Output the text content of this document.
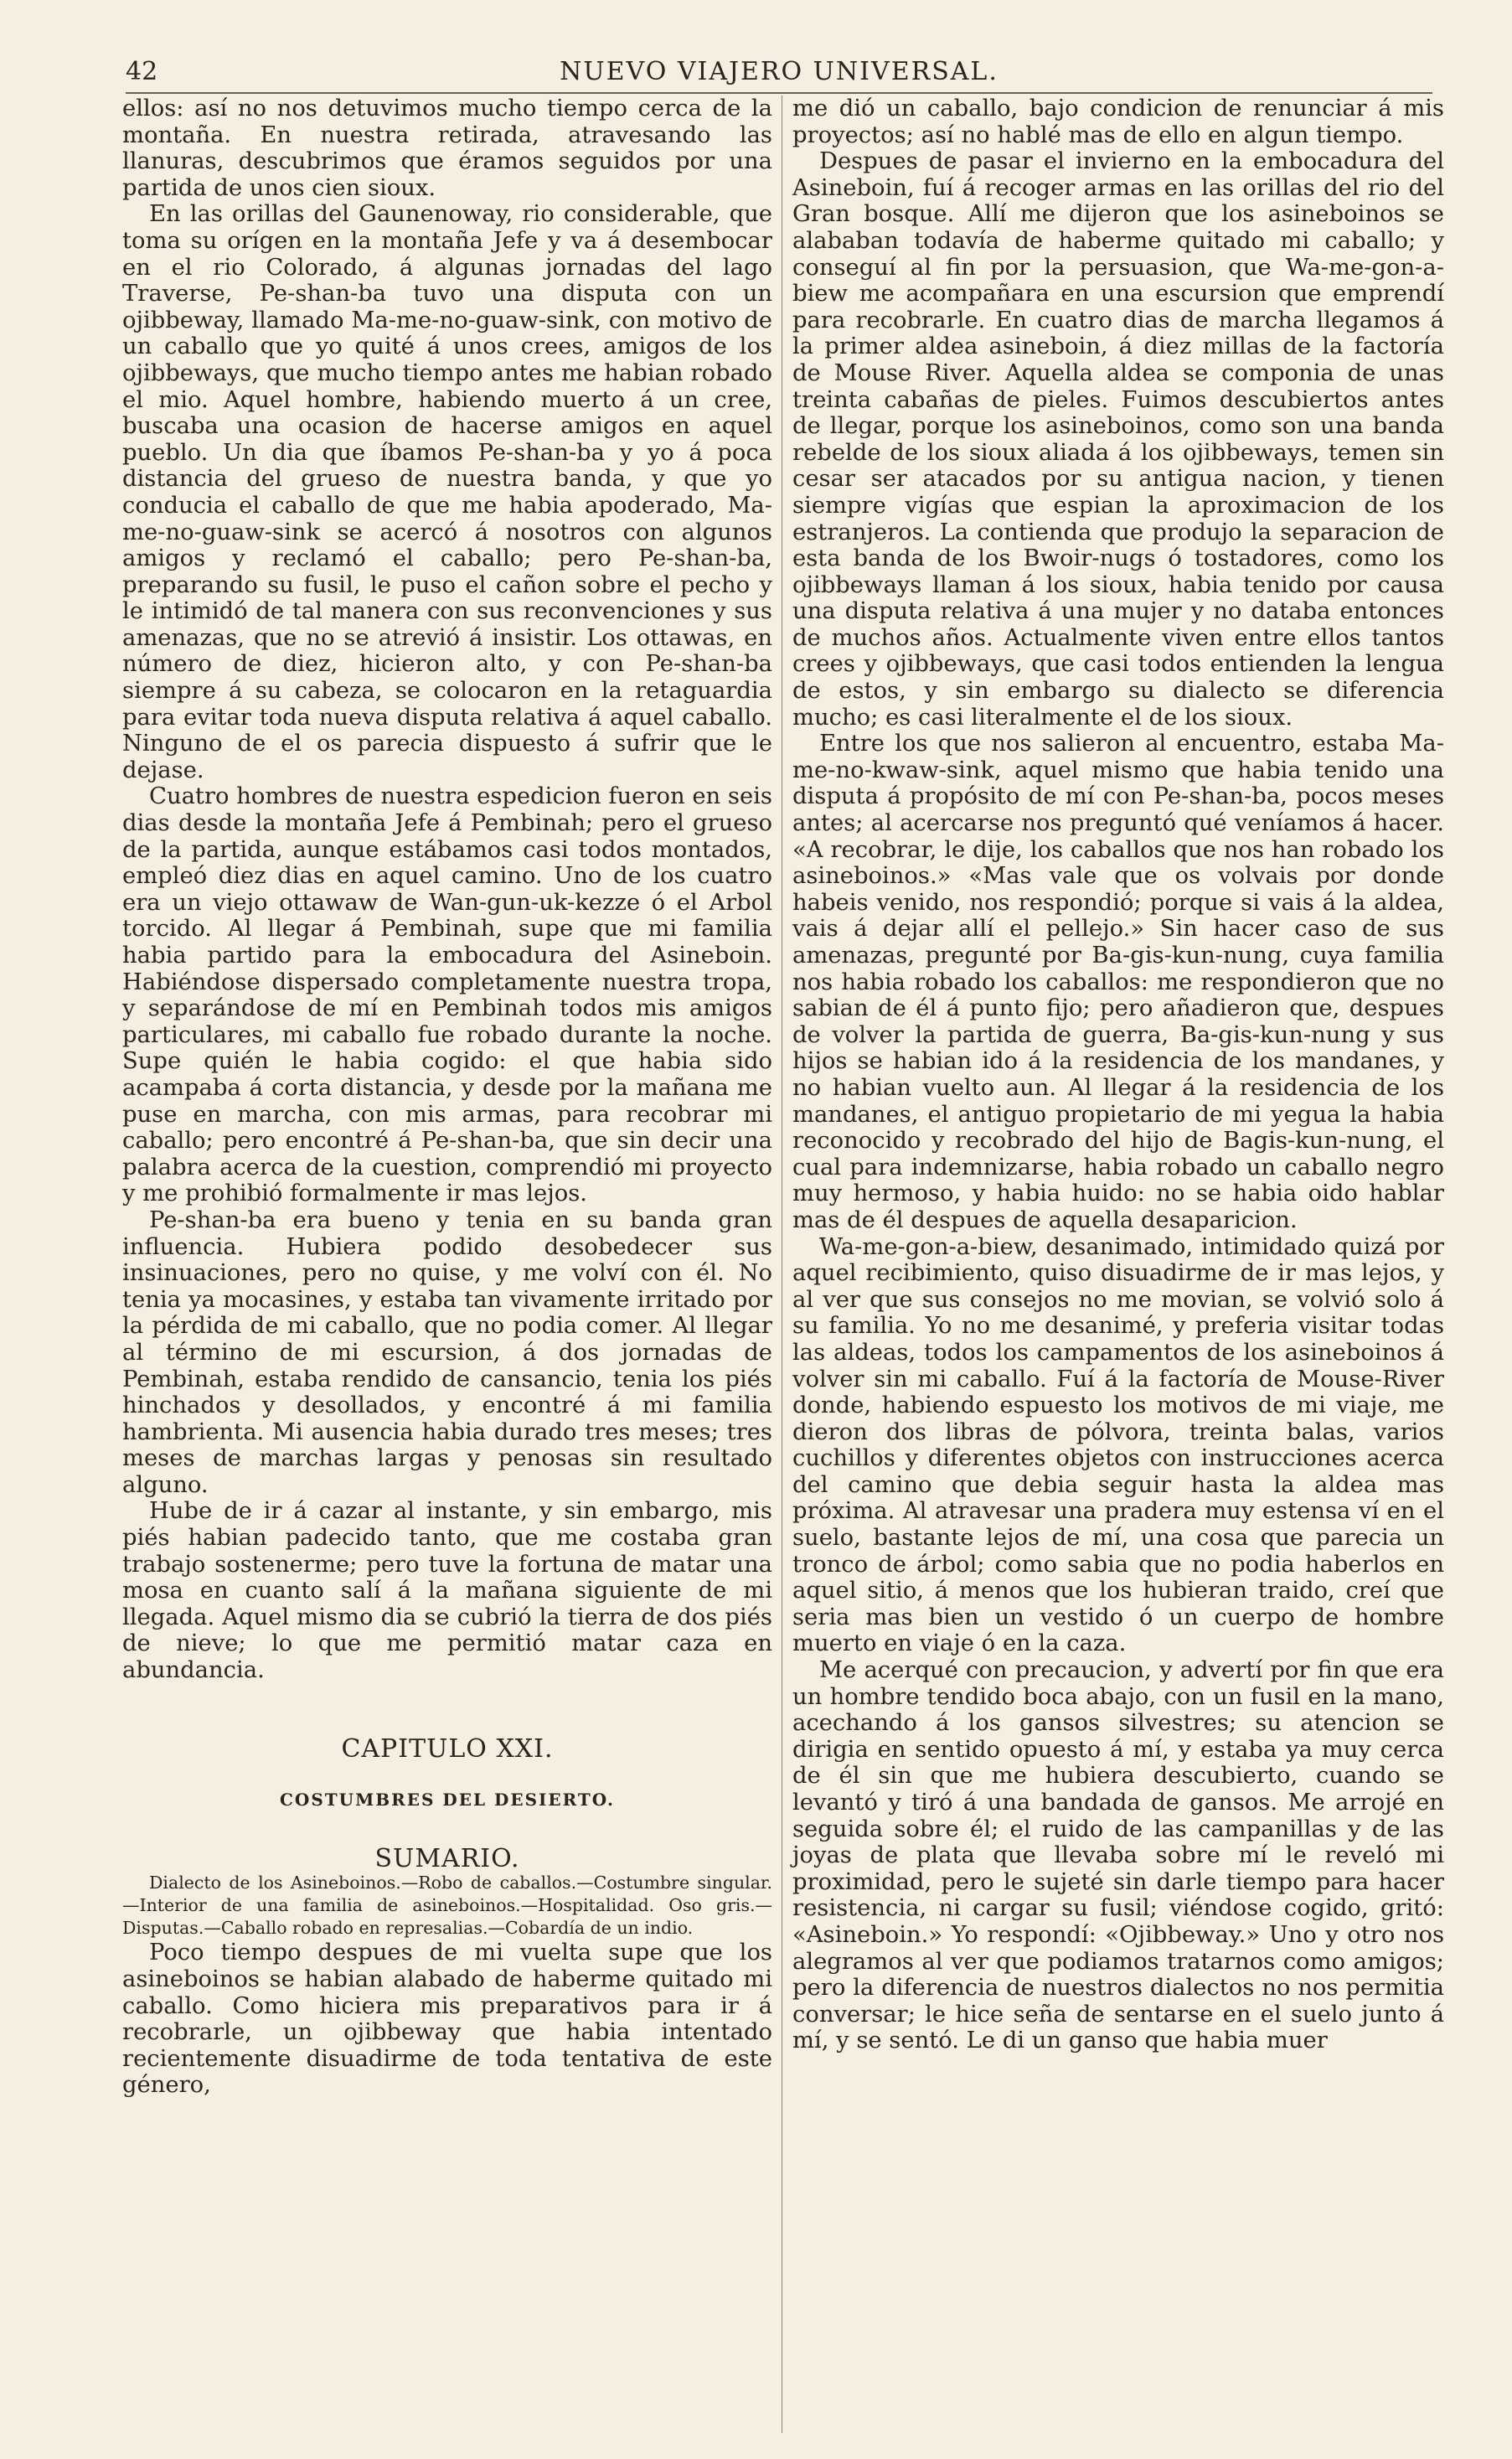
42	NUEVO VIAJERO UNIVERSAL.

ellos: así no nos detuvimos mucho tiempo cerca de la montaña. En nuestra retirada, atravesando las llanuras, descubrimos que éramos seguidos por una partida de unos cien sioux.

En las orillas del Gaunenoway, rio considerable, que toma su orígen en la montaña Jefe y va á desembocar en el rio Colorado, á algunas jornadas del lago Traverse, Pe-shan-ba tuvo una disputa con un ojibbeway, llamado Ma-me-no-guaw-sink, con motivo de un caballo que yo quité á unos crees, amigos de los ojibbeways, que mucho tiempo antes me habian robado el mio. Aquel hombre, habiendo muerto á un cree, buscaba una ocasion de hacerse amigos en aquel pueblo. Un dia que íbamos Pe-shan-ba y yo á poca distancia del grueso de nuestra banda, y que yo conducia el caballo de que me habia apoderado, Ma-me-no-guaw-sink se acercó á nosotros con algunos amigos y reclamó el caballo; pero Pe-shan-ba, preparando su fusil, le puso el cañon sobre el pecho y le intimidó de tal manera con sus reconvenciones y sus amenazas, que no se atrevió á insistir. Los ottawas, en número de diez, hicieron alto, y con Pe-shan-ba siempre á su cabeza, se colocaron en la retaguardia para evitar toda nueva disputa relativa á aquel caballo. Ninguno de el os parecia dispuesto á sufrir que le dejase.

Cuatro hombres de nuestra espedicion fueron en seis dias desde la montaña Jefe á Pembinah; pero el grueso de la partida, aunque estábamos casi todos montados, empleó diez dias en aquel camino. Uno de los cuatro era un viejo ottawaw de Wan-gun-uk-kezze ó el Arbol torcido. Al llegar á Pembinah, supe que mi familia habia partido para la embocadura del Asineboin. Habiéndose dispersado completamente nuestra tropa, y separándose de mí en Pembinah todos mis amigos particulares, mi caballo fue robado durante la noche. Supe quién le habia cogido: el que habia sido acampaba á corta distancia, y desde por la mañana me puse en marcha, con mis armas, para recobrar mi caballo; pero encontré á Pe-shan-ba, que sin decir una palabra acerca de la cuestion, comprendió mi proyecto y me prohibió formalmente ir mas lejos.

Pe-shan-ba era bueno y tenia en su banda gran influencia. Hubiera podido desobedecer sus insinuaciones, pero no quise, y me volví con él. No tenia ya mocasines, y estaba tan vivamente irritado por la pérdida de mi caballo, que no podia comer. Al llegar al término de mi escursion, á dos jornadas de Pembinah, estaba rendido de cansancio, tenia los piés hinchados y desollados, y encontré á mi familia hambrienta. Mi ausencia habia durado tres meses; tres meses de marchas largas y penosas sin resultado alguno.

Hube de ir á cazar al instante, y sin embargo, mis piés habian padecido tanto, que me costaba gran trabajo sostenerme; pero tuve la fortuna de matar una mosa en cuanto salí á la mañana siguiente de mi llegada. Aquel mismo dia se cubrió la tierra de dos piés de nieve; lo que me permitió matar caza en abundancia.

CAPITULO XXI.
COSTUMBRES DEL DESIERTO.
SUMARIO.

Dialecto de los Asineboinos.—Robo de caballos.—Costumbre singular.—Interior de una familia de asineboinos.—Hospitalidad. Oso gris.—Disputas.—Caballo robado en represalias.—Cobardía de un indio.

Poco tiempo despues de mi vuelta supe que los asineboinos se habian alabado de haberme quitado mi caballo. Como hiciera mis preparativos para ir á recobrarle, un ojibbeway que habia intentado recientemente disuadirme de toda tentativa de este género,

me dió un caballo, bajo condicion de renunciar á mis proyectos; así no hablé mas de ello en algun tiempo.

Despues de pasar el invierno en la embocadura del Asineboin, fuí á recoger armas en las orillas del rio del Gran bosque. Allí me dijeron que los asineboinos se alababan todavía de haberme quitado mi caballo; y conseguí al fin por la persuasion, que Wa-me-gon-a-biew me acompañara en una escursion que emprendí para recobrarle. En cuatro dias de marcha llegamos á la primer aldea asineboin, á diez millas de la factoría de Mouse River. Aquella aldea se componia de unas treinta cabañas de pieles. Fuimos descubiertos antes de llegar, porque los asineboinos, como son una banda rebelde de los sioux aliada á los ojibbeways, temen sin cesar ser atacados por su antigua nacion, y tienen siempre vigías que espian la aproximacion de los estranjeros. La contienda que produjo la separacion de esta banda de los Bwoir-nugs ó tostadores, como los ojibbeways llaman á los sioux, habia tenido por causa una disputa relativa á una mujer y no databa entonces de muchos años. Actualmente viven entre ellos tantos crees y ojibbeways, que casi todos entienden la lengua de estos, y sin embargo su dialecto se diferencia mucho; es casi literalmente el de los sioux.

Entre los que nos salieron al encuentro, estaba Ma-me-no-kwaw-sink, aquel mismo que habia tenido una disputa á propósito de mí con Pe-shan-ba, pocos meses antes; al acercarse nos preguntó qué veníamos á hacer. «A recobrar, le dije, los caballos que nos han robado los asineboinos.» «Mas vale que os volvais por donde habeis venido, nos respondió; porque si vais á la aldea, vais á dejar allí el pellejo.» Sin hacer caso de sus amenazas, pregunté por Ba-gis-kun-nung, cuya familia nos habia robado los caballos: me respondieron que no sabian de él á punto fijo; pero añadieron que, despues de volver la partida de guerra, Ba-gis-kun-nung y sus hijos se habian ido á la residencia de los mandanes, y no habian vuelto aun. Al llegar á la residencia de los mandanes, el antiguo propietario de mi yegua la habia reconocido y recobrado del hijo de Bagis-kun-nung, el cual para indemnizarse, habia robado un caballo negro muy hermoso, y habia huido: no se habia oido hablar mas de él despues de aquella desaparicion.

Wa-me-gon-a-biew, desanimado, intimidado quizá por aquel recibimiento, quiso disuadirme de ir mas lejos, y al ver que sus consejos no me movian, se volvió solo á su familia. Yo no me desanimé, y preferia visitar todas las aldeas, todos los campamentos de los asineboinos á volver sin mi caballo. Fuí á la factoría de Mouse-River donde, habiendo espuesto los motivos de mi viaje, me dieron dos libras de pólvora, treinta balas, varios cuchillos y diferentes objetos con instrucciones acerca del camino que debia seguir hasta la aldea mas próxima. Al atravesar una pradera muy estensa ví en el suelo, bastante lejos de mí, una cosa que parecia un tronco de árbol; como sabia que no podia haberlos en aquel sitio, á menos que los hubieran traido, creí que seria mas bien un vestido ó un cuerpo de hombre muerto en viaje ó en la caza.

Me acerqué con precaucion, y advertí por fin que era un hombre tendido boca abajo, con un fusil en la mano, acechando á los gansos silvestres; su atencion se dirigia en sentido opuesto á mí, y estaba ya muy cerca de él sin que me hubiera descubierto, cuando se levantó y tiró á una bandada de gansos. Me arrojé en seguida sobre él; el ruido de las campanillas y de las joyas de plata que llevaba sobre mí le reveló mi proximidad, pero le sujeté sin darle tiempo para hacer resistencia, ni cargar su fusil; viéndose cogido, gritó: «Asineboin.» Yo respondí: «Ojibbeway.» Uno y otro nos alegramos al ver que podiamos tratarnos como amigos; pero la diferencia de nuestros dialectos no nos permitia conversar; le hice seña de sentarse en el suelo junto á mí, y se sentó. Le di un ganso que habia muer
